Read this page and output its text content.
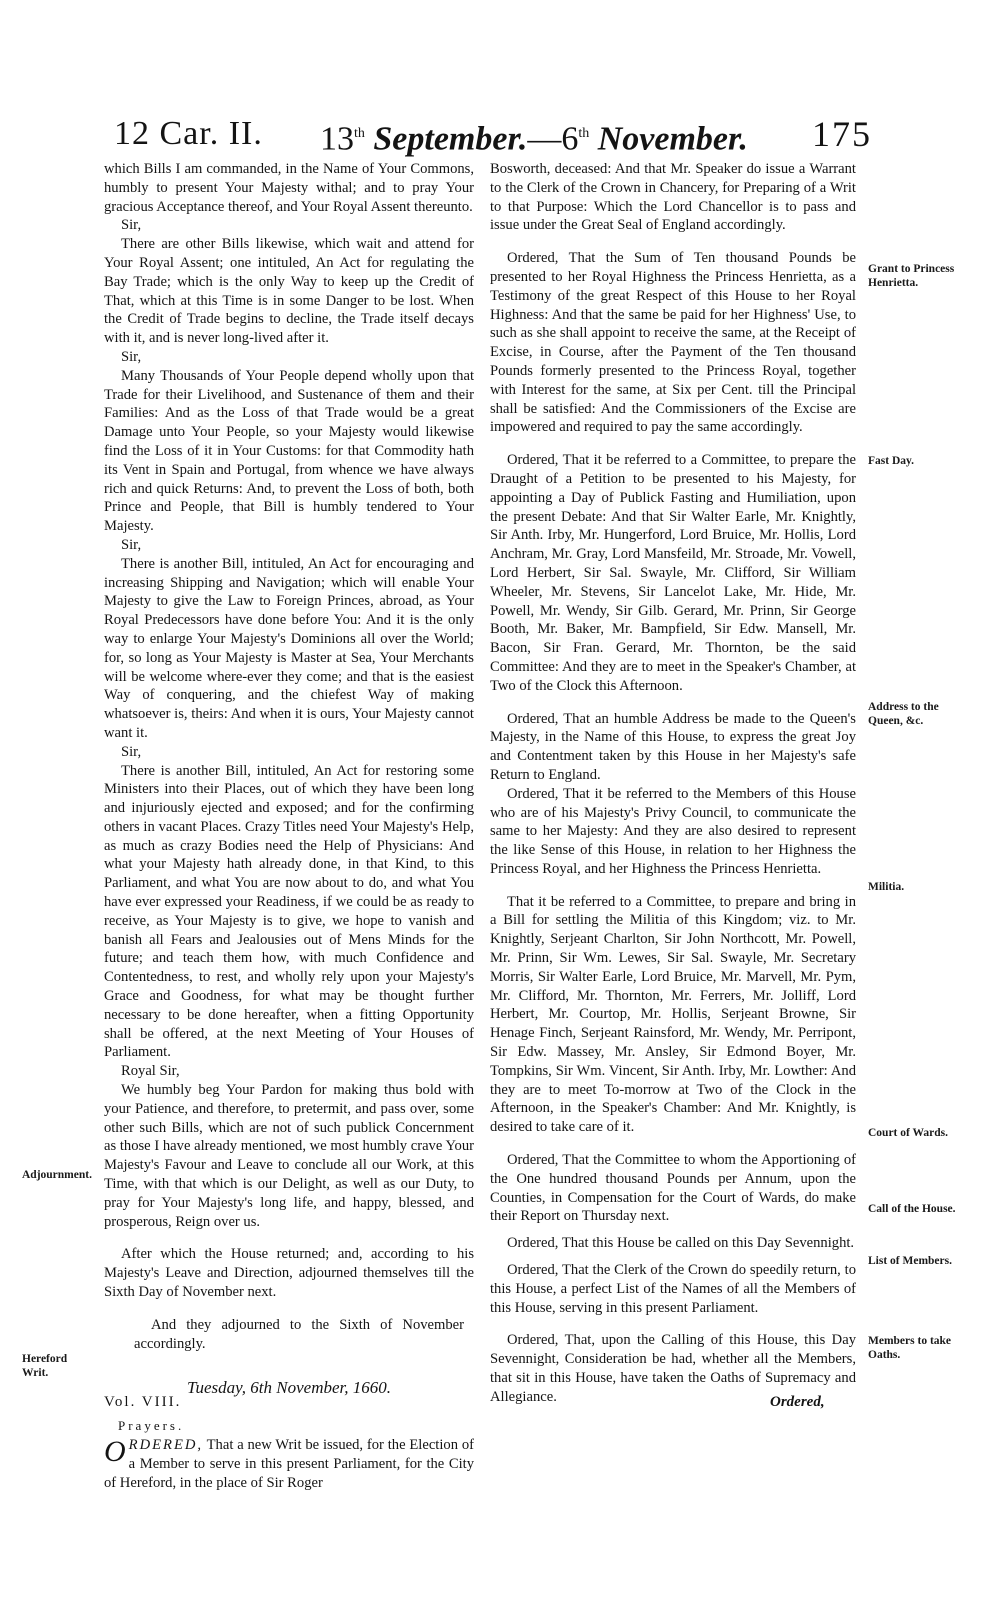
12 Car. II. 13th September.—6th November. 175

which Bills I am commanded, in the Name of Your Commons, humbly to present Your Majesty withal; and to pray Your gracious Acceptance thereof, and Your Royal Assent thereunto.

Sir,

There are other Bills likewise, which wait and attend for Your Royal Assent; one intituled, An Act for regulating the Bay Trade; which is the only Way to keep up the Credit of That, which at this Time is in some Danger to be lost. When the Credit of Trade begins to decline, the Trade itself decays with it, and is never long-lived after it.

Sir,

Many Thousands of Your People depend wholly upon that Trade for their Livelihood, and Sustenance of them and their Families: And as the Loss of that Trade would be a great Damage unto Your People, so your Majesty would likewise find the Loss of it in Your Customs: for that Commodity hath its Vent in Spain and Portugal, from whence we have always rich and quick Returns: And, to prevent the Loss of both, both Prince and People, that Bill is humbly tendered to Your Majesty.

Sir,

There is another Bill, intituled, An Act for encouraging and increasing Shipping and Navigation; which will enable Your Majesty to give the Law to Foreign Princes, abroad, as Your Royal Predecessors have done before You: And it is the only way to enlarge Your Majesty's Dominions all over the World; for, so long as Your Majesty is Master at Sea, Your Merchants will be welcome where-ever they come; and that is the easiest Way of conquering, and the chiefest Way of making whatsoever is, theirs: And when it is ours, Your Majesty cannot want it.

Sir,

There is another Bill, intituled, An Act for restoring some Ministers into their Places, out of which they have been long and injuriously ejected and exposed; and for the confirming others in vacant Places. Crazy Titles need Your Majesty's Help, as much as crazy Bodies need the Help of Physicians: And what your Majesty hath already done, in that Kind, to this Parliament, and what You are now about to do, and what You have ever expressed your Readiness, if we could be as ready to receive, as Your Majesty is to give, we hope to vanish and banish all Fears and Jealousies out of Mens Minds for the future; and teach them how, with much Confidence and Contentedness, to rest, and wholly rely upon your Majesty's Grace and Goodness, for what may be thought further necessary to be done hereafter, when a fitting Opportunity shall be offered, at the next Meeting of Your Houses of Parliament.

Royal Sir,

We humbly beg Your Pardon for making thus bold with your Patience, and therefore, to pretermit, and pass over, some other such Bills, which are not of such publick Concernment as those I have already mentioned, we most humbly crave Your Majesty's Favour and Leave to conclude all our Work, at this Time, with that which is our Delight, as well as our Duty, to pray for Your Majesty's long life, and happy, blessed, and prosperous, Reign over us.

After which the House returned; and, according to his Majesty's Leave and Direction, adjourned themselves till the Sixth Day of November next.

And they adjourned to the Sixth of November accordingly.

Tuesday, 6th November, 1660.

Prayers.

ORDERED, That a new Writ be issued, for the Election of a Member to serve in this present Parliament, for the City of Hereford, in the place of Sir Roger

Bosworth, deceased: And that Mr. Speaker do issue a Warrant to the Clerk of the Crown in Chancery, for Preparing of a Writ to that Purpose: Which the Lord Chancellor is to pass and issue under the Great Seal of England accordingly.

Ordered, That the Sum of Ten thousand Pounds be presented to her Royal Highness the Princess Henrietta, as a Testimony of the great Respect of this House to her Royal Highness: And that the same be paid for her Highness' Use, to such as she shall appoint to receive the same, at the Receipt of Excise, in Course, after the Payment of the Ten thousand Pounds formerly presented to the Princess Royal, together with Interest for the same, at Six per Cent. till the Principal shall be satisfied: And the Commissioners of the Excise are impowered and required to pay the same accordingly.

Ordered, That it be referred to a Committee, to prepare the Draught of a Petition to be presented to his Majesty, for appointing a Day of Publick Fasting and Humiliation, upon the present Debate: And that Sir Walter Earle, Mr. Knightly, Sir Anth. Irby, Mr. Hungerford, Lord Bruice, Mr. Hollis, Lord Anchram, Mr. Gray, Lord Mansfeild, Mr. Stroade, Mr. Vowell, Lord Herbert, Sir Sal. Swayle, Mr. Clifford, Sir William Wheeler, Mr. Stevens, Sir Lancelot Lake, Mr. Hide, Mr. Powell, Mr. Wendy, Sir Gilb. Gerard, Mr. Prinn, Sir George Booth, Mr. Baker, Mr. Bampfield, Sir Edw. Mansell, Mr. Bacon, Sir Fran. Gerard, Mr. Thornton, be the said Committee: And they are to meet in the Speaker's Chamber, at Two of the Clock this Afternoon.

Ordered, That an humble Address be made to the Queen's Majesty, in the Name of this House, to express the great Joy and Contentment taken by this House in her Majesty's safe Return to England.

Ordered, That it be referred to the Members of this House who are of his Majesty's Privy Council, to communicate the same to her Majesty: And they are also desired to represent the like Sense of this House, in relation to her Highness the Princess Royal, and her Highness the Princess Henrietta.

That it be referred to a Committee, to prepare and bring in a Bill for settling the Militia of this Kingdom; viz. to Mr. Knightly, Serjeant Charlton, Sir John Northcott, Mr. Powell, Mr. Prinn, Sir Wm. Lewes, Sir Sal. Swayle, Mr. Secretary Morris, Sir Walter Earle, Lord Bruice, Mr. Marvell, Mr. Pym, Mr. Clifford, Mr. Thornton, Mr. Ferrers, Mr. Jolliff, Lord Herbert, Mr. Courtop, Mr. Hollis, Serjeant Browne, Sir Henage Finch, Serjeant Rainsford, Mr. Wendy, Mr. Perripont, Sir Edw. Massey, Mr. Ansley, Sir Edmond Boyer, Mr. Tompkins, Sir Wm. Vincent, Sir Anth. Irby, Mr. Lowther: And they are to meet To-morrow at Two of the Clock in the Afternoon, in the Speaker's Chamber: And Mr. Knightly, is desired to take care of it.

Ordered, That the Committee to whom the Apportioning of the One hundred thousand Pounds per Annum, upon the Counties, in Compensation for the Court of Wards, do make their Report on Thursday next.

Ordered, That this House be called on this Day Sevennight.

Ordered, That the Clerk of the Crown do speedily return, to this House, a perfect List of the Names of all the Members of this House, serving in this present Parliament.

Ordered, That, upon the Calling of this House, this Day Sevennight, Consideration be had, whether all the Members, that sit in this House, have taken the Oaths of Supremacy and Allegiance.

Adjournment.
Hereford Writ.
Grant to Princess Henrietta.
Fast Day.
Address to the Queen, &c.
Militia.
Court of Wards.
Call of the House.
List of Members.
Members to take Oaths.
Vol. VIII.	Ordered,
